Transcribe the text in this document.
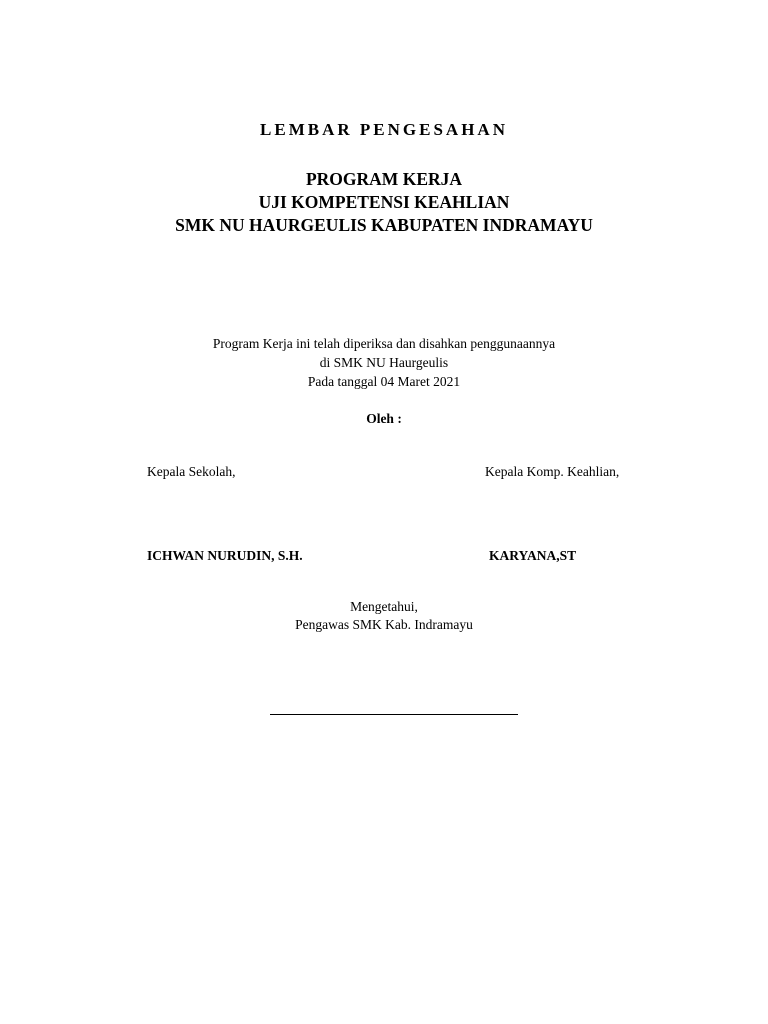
LEMBAR PENGESAHAN

PROGRAM KERJA
UJI KOMPETENSI KEAHLIAN
SMK NU HAURGEULIS KABUPATEN INDRAMAYU
Program Kerja ini telah diperiksa dan disahkan penggunaannya
di SMK NU Haurgeulis
Pada tanggal 04 Maret 2021

Oleh :

Kepala Sekolah,	Kepala Komp. Keahlian,

ICHWAN NURUDIN, S.H.	KARYANA,ST

Mengetahui,
Pengawas SMK Kab. Indramayu
